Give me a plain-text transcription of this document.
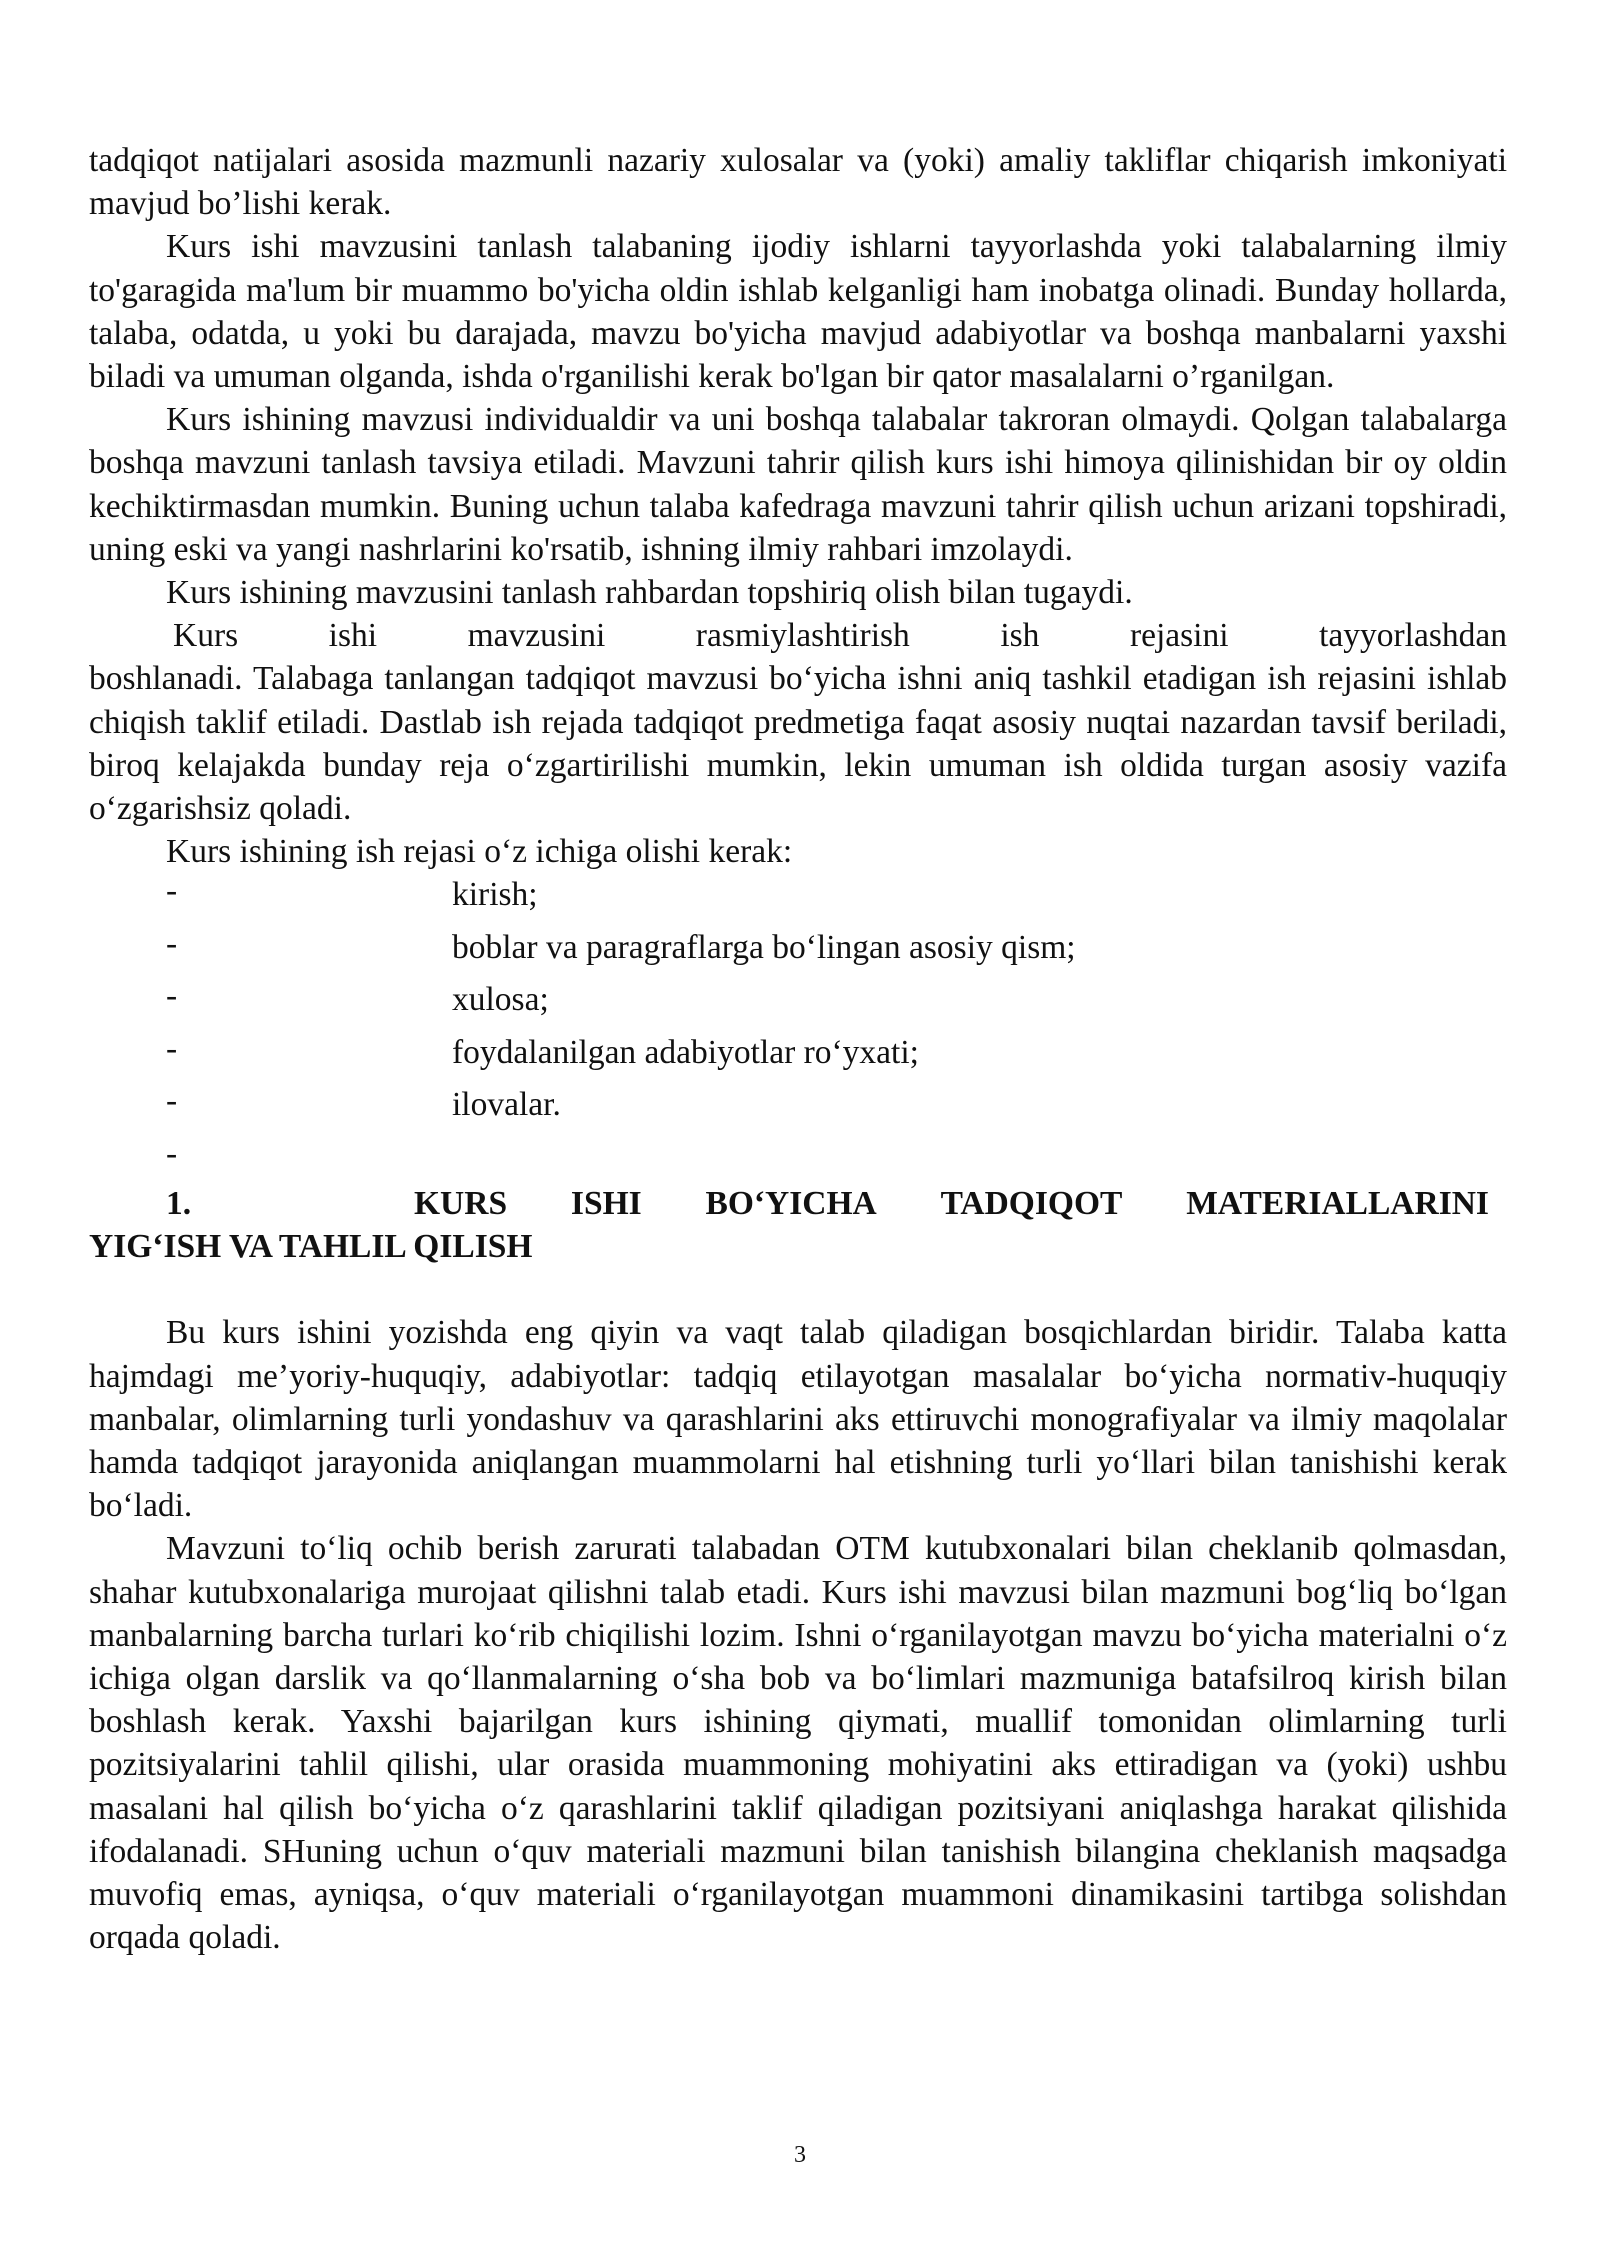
tadqiqot natijalari asosida mazmunli nazariy xulosalar va (yoki) amaliy takliflar chiqarish imkoniyati mavjud bo’lishi kerak.

Kurs ishi mavzusini tanlash talabaning ijodiy ishlarni tayyorlashda yoki talabalarning ilmiy to'garagida ma'lum bir muammo bo'yicha oldin ishlab kelganligi ham inobatga olinadi. Bunday hollarda, talaba, odatda, u yoki bu darajada, mavzu bo'yicha mavjud adabiyotlar va boshqa manbalarni yaxshi biladi va umuman olganda, ishda o'rganilishi kerak bo'lgan bir qator masalalarni o’rganilgan.

Kurs ishining mavzusi individualdir va uni boshqa talabalar takroran olmaydi. Qolgan talabalarga boshqa mavzuni tanlash tavsiya etiladi. Mavzuni tahrir qilish kurs ishi himoya qilinishidan bir oy oldin kechiktirmasdan mumkin. Buning uchun talaba kafedraga mavzuni tahrir qilish uchun arizani topshiradi, uning eski va yangi nashrlarini ko'rsatib, ishning ilmiy rahbari imzolaydi.

Kurs ishining mavzusini tanlash rahbardan topshiriq olish bilan tugaydi.

Kurs ishi mavzusini rasmiylashtirish ish rejasini tayyorlashdan

boshlanadi. Talabaga tanlangan tadqiqot mavzusi bo‘yicha ishni aniq tashkil etadigan ish rejasini ishlab chiqish taklif etiladi. Dastlab ish rejada tadqiqot predmetiga faqat asosiy nuqtai nazardan tavsif beriladi, biroq kelajakda bunday reja o‘zgartirilishi mumkin, lekin umuman ish oldida turgan asosiy vazifa o‘zgarishsiz qoladi.

Kurs ishining ish rejasi o‘z ichiga olishi kerak:

-	kirish;
-	boblar va paragraflarga bo‘lingan asosiy qism;
-	xulosa;
-	foydalanilgan adabiyotlar ro‘yxati;
-	ilovalar.
-
1.	KURS ISHI BO‘YICHA TADQIQOT MATERIALLARINI
YIG‘ISH VA TAHLIL QILISH

Bu kurs ishini yozishda eng qiyin va vaqt talab qiladigan bosqichlardan biridir. Talaba katta hajmdagi me’yoriy-huquqiy, adabiyotlar: tadqiq etilayotgan masalalar bo‘yicha normativ-huquqiy manbalar, olimlarning turli yondashuv va qarashlarini aks ettiruvchi monografiyalar va ilmiy maqolalar hamda tadqiqot jarayonida aniqlangan muammolarni hal etishning turli yo‘llari bilan tanishishi kerak bo‘ladi.

Mavzuni to‘liq ochib berish zarurati talabadan OTM kutubxonalari bilan cheklanib qolmasdan, shahar kutubxonalariga murojaat qilishni talab etadi. Kurs ishi mavzusi bilan mazmuni bog‘liq bo‘lgan manbalarning barcha turlari ko‘rib chiqilishi lozim. Ishni o‘rganilayotgan mavzu bo‘yicha materialni o‘z ichiga olgan darslik va qo‘llanmalarning o‘sha bob va bo‘limlari mazmuniga batafsilroq kirish bilan boshlash kerak. Yaxshi bajarilgan kurs ishining qiymati, muallif tomonidan olimlarning turli pozitsiyalarini tahlil qilishi, ular orasida muammoning mohiyatini aks ettiradigan va (yoki) ushbu masalani hal qilish bo‘yicha o‘z qarashlarini taklif qiladigan pozitsiyani aniqlashga harakat qilishida ifodalanadi. SHuning uchun o‘quv materiali mazmuni bilan tanishish bilangina cheklanish maqsadga muvofiq emas, ayniqsa, o‘quv materiali o‘rganilayotgan muammoni dinamikasini tartibga solishdan orqada qoladi.

3
